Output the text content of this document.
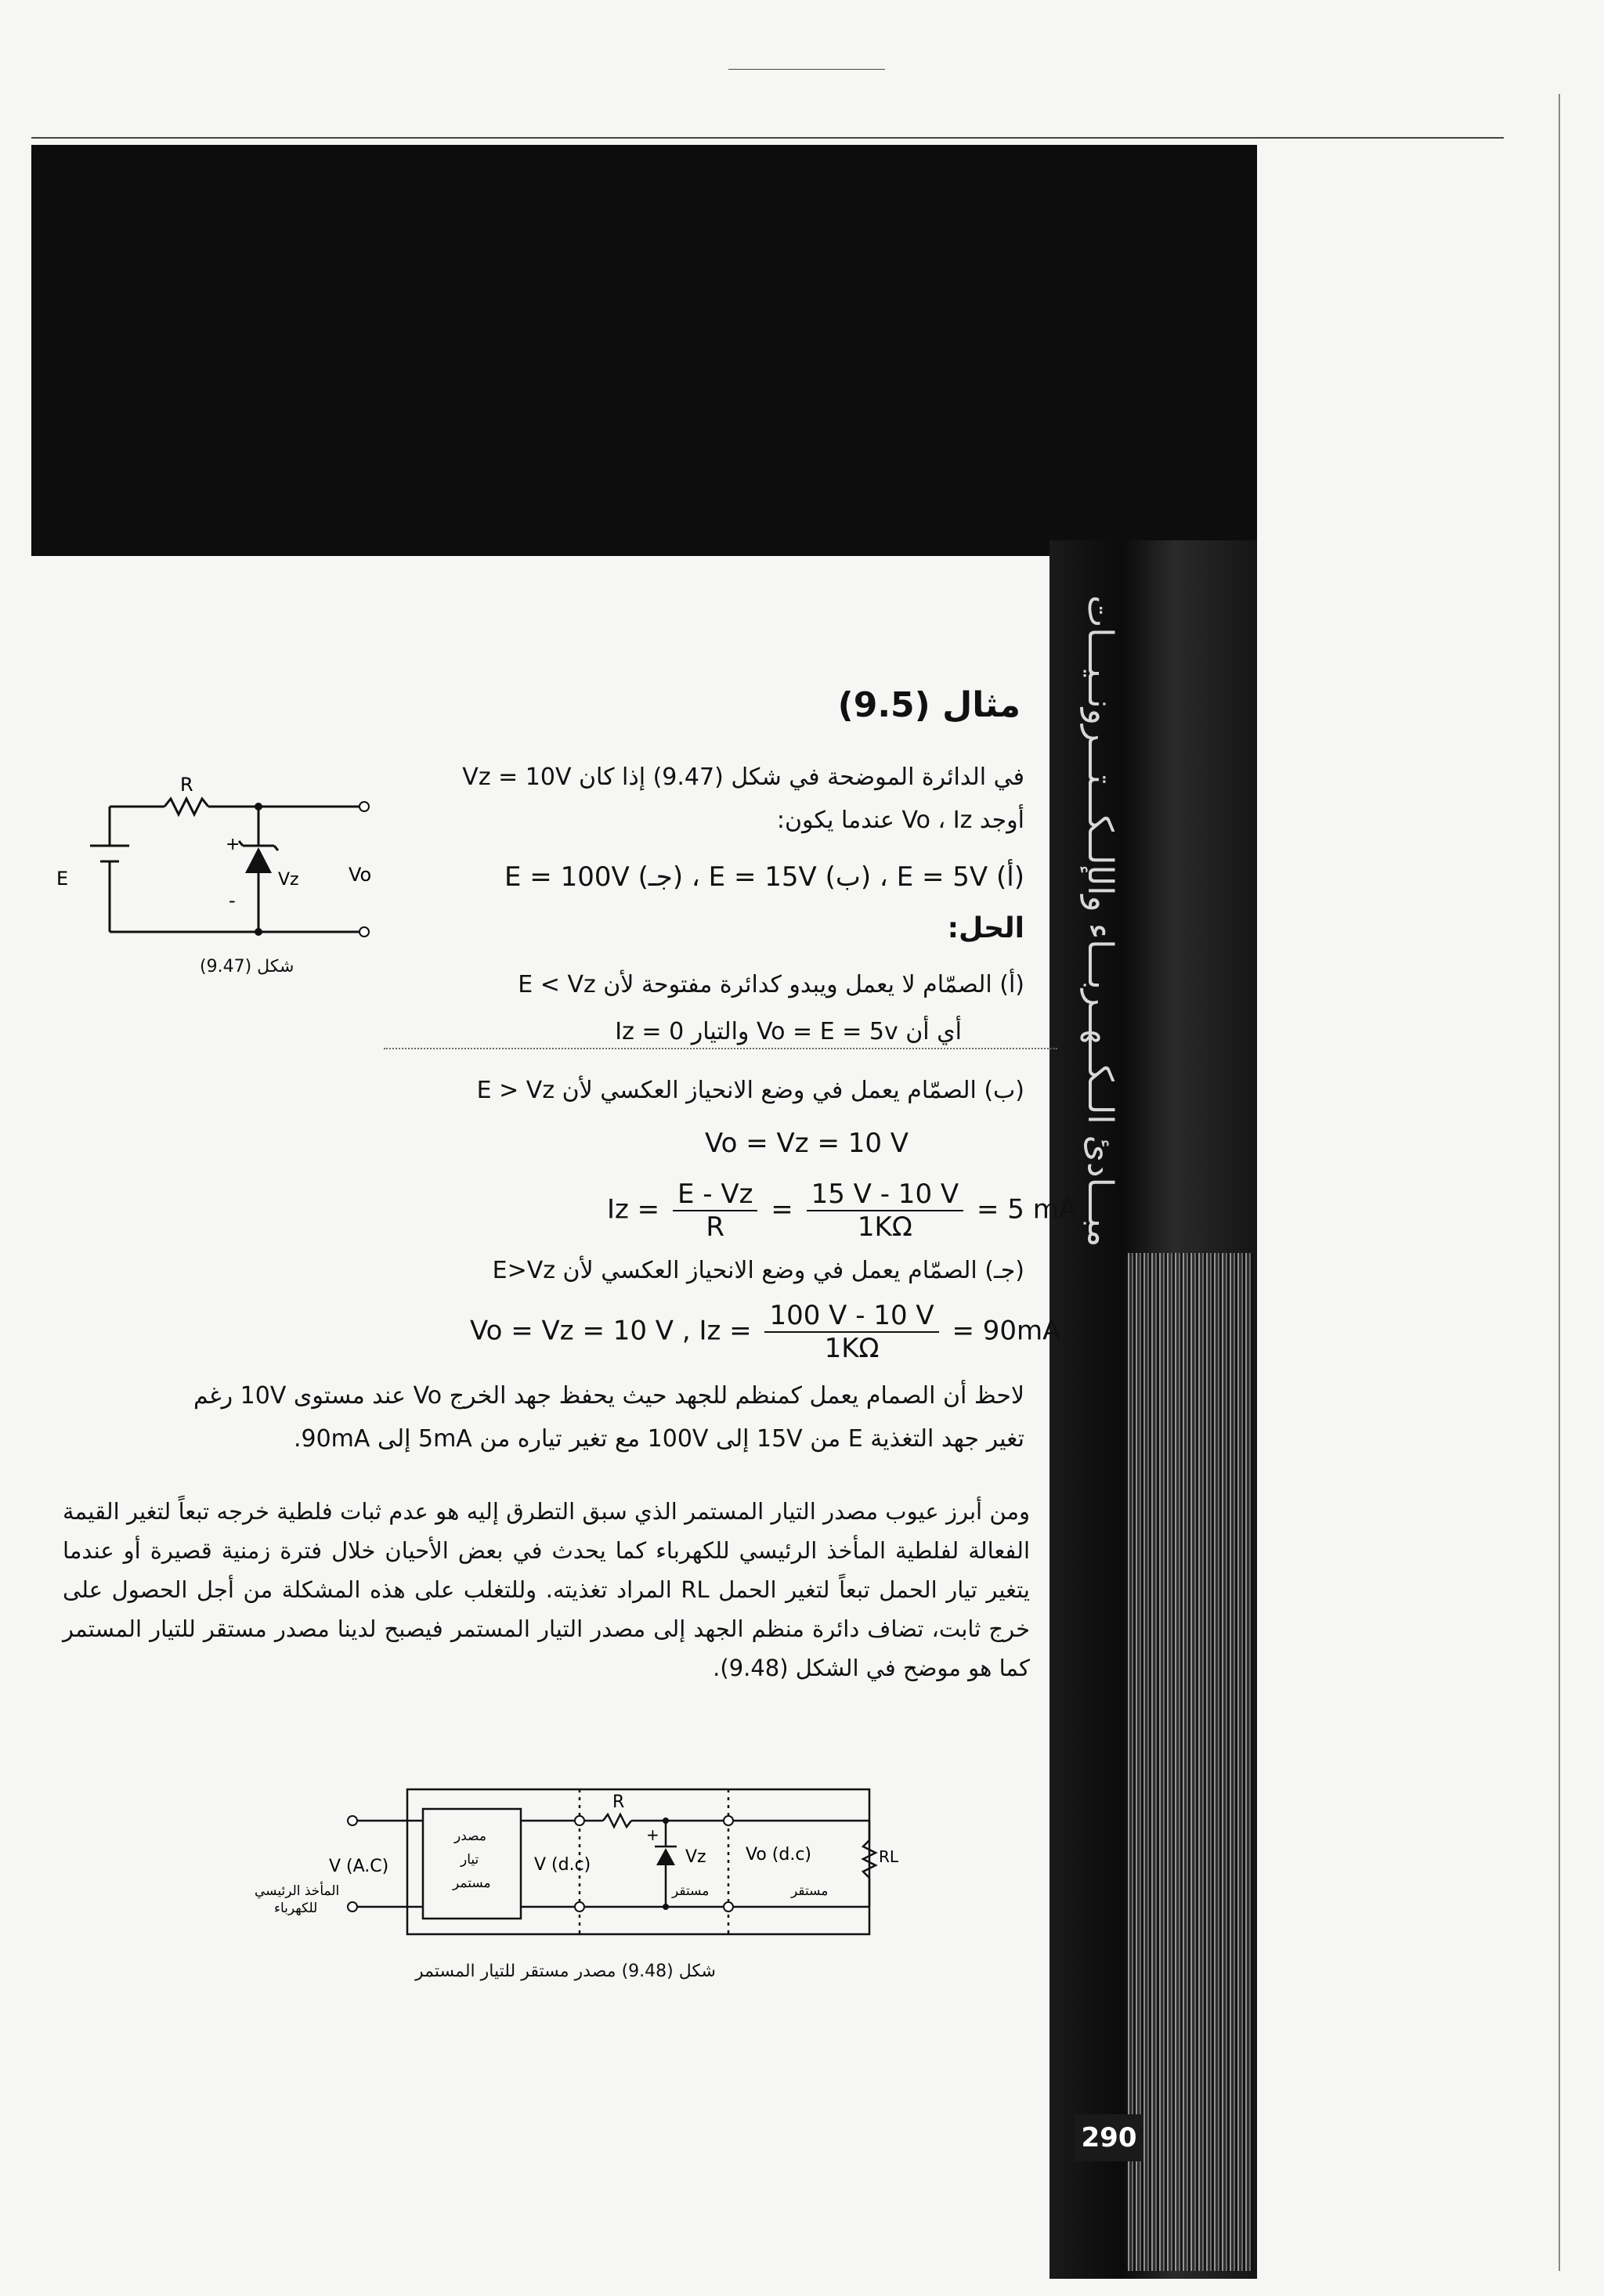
مبـــادئ الــكــهــربـــاء والإلــكـــتـــرونــيـــات
290
مثال (9.5)
في الدائرة الموضحة في شكل (9.47) إذا كان Vz = 10V
أوجد Vo ، Iz عندما يكون:
(أ) E = 5V ، (ب) E = 15V ، (جـ) E = 100V
الحل:
(أ) الصمّام لا يعمل ويبدو كدائرة مفتوحة لأن E < Vz
أي أن Vo = E = 5v والتيار Iz = 0
(ب) الصمّام يعمل في وضع الانحياز العكسي لأن E > Vz
Vo = Vz = 10 V
$Iz = \frac{E - Vz}{R} = \frac{15 V - 10 V}{1K\Omega} = 5$ mA
(جـ) الصمّام يعمل في وضع الانحياز العكسي لأن E>Vz
Vo = Vz = 10 V , $Iz = \frac{100 V - 10 V}{1K\Omega} = 90mA$
لاحظ أن الصمام يعمل كمنظم للجهد حيث يحفظ جهد الخرج Vo عند مستوى 10V رغم
تغير جهد التغذية E من 15V إلى 100V مع تغير تياره من 5mA إلى 90mA.
ومن أبرز عيوب مصدر التيار المستمر الذي سبق التطرق إليه هو عدم ثبات فلطية خرجه تبعاً لتغير القيمة الفعالة لفلطية المأخذ الرئيسي للكهرباء كما يحدث في بعض الأحيان خلال فترة زمنية قصيرة أو عندما يتغير تيار الحمل تبعاً لتغير الحمل RL المراد تغذيته. وللتغلب على هذه المشكلة من أجل الحصول على خرج ثابت، تضاف دائرة منظم الجهد إلى مصدر التيار المستمر فيصبح لدينا مصدر مستقر للتيار المستمر كما هو موضح في الشكل (9.48).
R
E	Vz	Vo
+
-
شكل (9.47)
V (A.C)
المأخذ الرئيسي
للكهرباء
مصدر
تيار
مستمر
V (d.c)
R
+
Vz
مستقر
Vo (d.c)	RL
مستقر
شكل (9.48) مصدر مستقر للتيار المستمر
